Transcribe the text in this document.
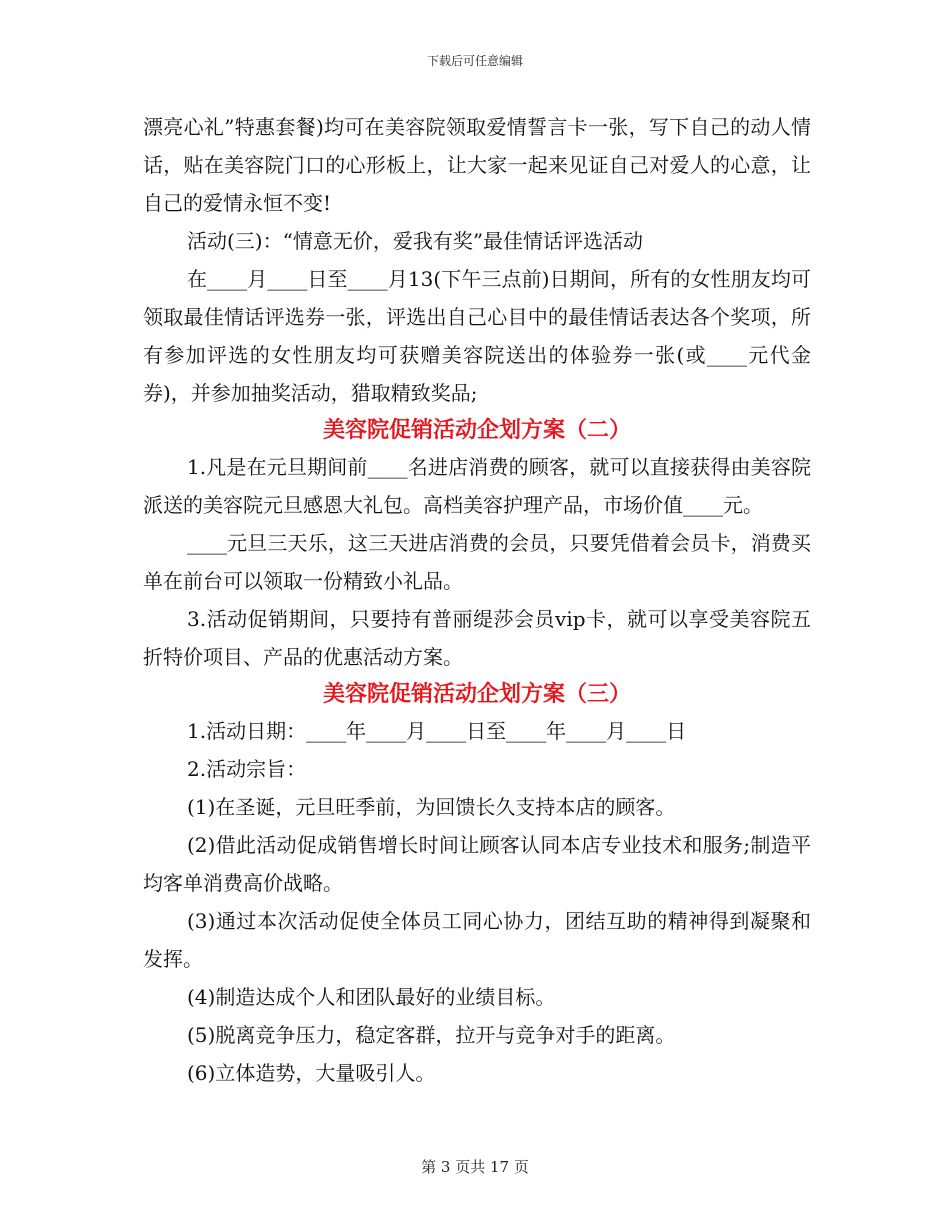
下载后可任意编辑

漂亮心礼”特惠套餐)均可在美容院领取爱情誓言卡一张，写下自己的动人情话，贴在美容院门口的心形板上，让大家一起来见证自己对爱人的心意，让自己的爱情永恒不变!

活动(三)：“情意无价，爱我有奖”最佳情话评选活动

在____月____日至____月13(下午三点前)日期间，所有的女性朋友均可领取最佳情话评选券一张，评选出自己心目中的最佳情话表达各个奖项，所有参加评选的女性朋友均可获赠美容院送出的体验券一张(或____元代金券)，并参加抽奖活动，猎取精致奖品;

美容院促销活动企划方案（二）

1.凡是在元旦期间前____名进店消费的顾客，就可以直接获得由美容院派送的美容院元旦感恩大礼包。高档美容护理产品，市场价值____元。

____元旦三天乐，这三天进店消费的会员，只要凭借着会员卡，消费买单在前台可以领取一份精致小礼品。

3.活动促销期间，只要持有普丽缇莎会员vip卡，就可以享受美容院五折特价项目、产品的优惠活动方案。

美容院促销活动企划方案（三）

1.活动日期：____年____月____日至____年____月____日

2.活动宗旨：

(1)在圣诞，元旦旺季前，为回馈长久支持本店的顾客。

(2)借此活动促成销售增长时间让顾客认同本店专业技术和服务;制造平均客单消费高价战略。

(3)通过本次活动促使全体员工同心协力，团结互助的精神得到凝聚和发挥。

(4)制造达成个人和团队最好的业绩目标。

(5)脱离竞争压力，稳定客群，拉开与竞争对手的距离。

(6)立体造势，大量吸引人。

第 3 页共 17 页
